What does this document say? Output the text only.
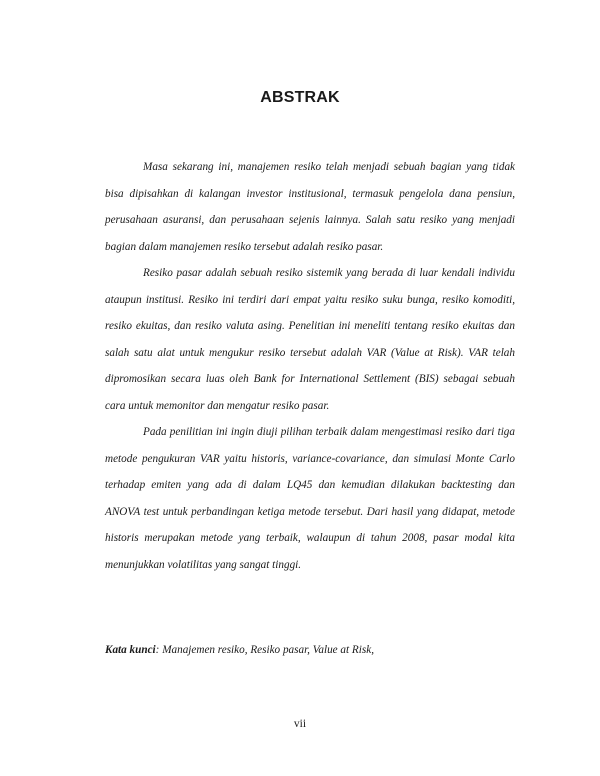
ABSTRAK

Masa sekarang ini, manajemen resiko telah menjadi sebuah bagian yang tidak bisa dipisahkan di kalangan investor institusional, termasuk pengelola dana pensiun, perusahaan asuransi, dan perusahaan sejenis lainnya. Salah satu resiko yang menjadi bagian dalam manajemen resiko tersebut adalah resiko pasar.

Resiko pasar adalah sebuah resiko sistemik yang berada di luar kendali individu ataupun institusi. Resiko ini terdiri dari empat yaitu resiko suku bunga, resiko komoditi, resiko ekuitas, dan resiko valuta asing. Penelitian ini meneliti tentang resiko ekuitas dan salah satu alat untuk mengukur resiko tersebut adalah VAR (Value at Risk). VAR telah dipromosikan secara luas oleh Bank for International Settlement (BIS) sebagai sebuah cara untuk memonitor dan mengatur resiko pasar.

Pada penilitian ini ingin diuji pilihan terbaik dalam mengestimasi resiko dari tiga metode pengukuran VAR yaitu historis, variance-covariance, dan simulasi Monte Carlo terhadap emiten yang ada di dalam LQ45 dan kemudian dilakukan backtesting dan ANOVA test untuk perbandingan ketiga metode tersebut. Dari hasil yang didapat, metode historis merupakan metode yang terbaik, walaupun di tahun 2008, pasar modal kita menunjukkan volatilitas yang sangat tinggi.

Kata kunci: Manajemen resiko, Resiko pasar, Value at Risk,

vii
